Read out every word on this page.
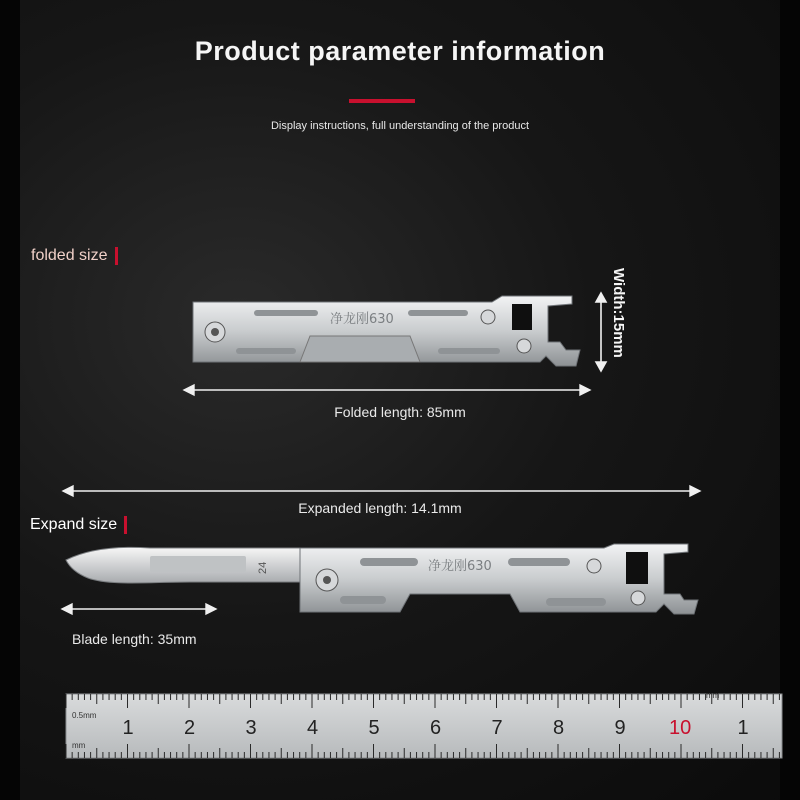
Product parameter information
Display instructions, full understanding of the product
folded size
净龙刚630
24	净龙刚630
1	2	3	4	5	6	7	8	9 10 1
0.5mm
mm
mm
Width:15mm
Folded length: 85mm
Expanded length: 14.1mm
Expand size
Blade length: 35mm
